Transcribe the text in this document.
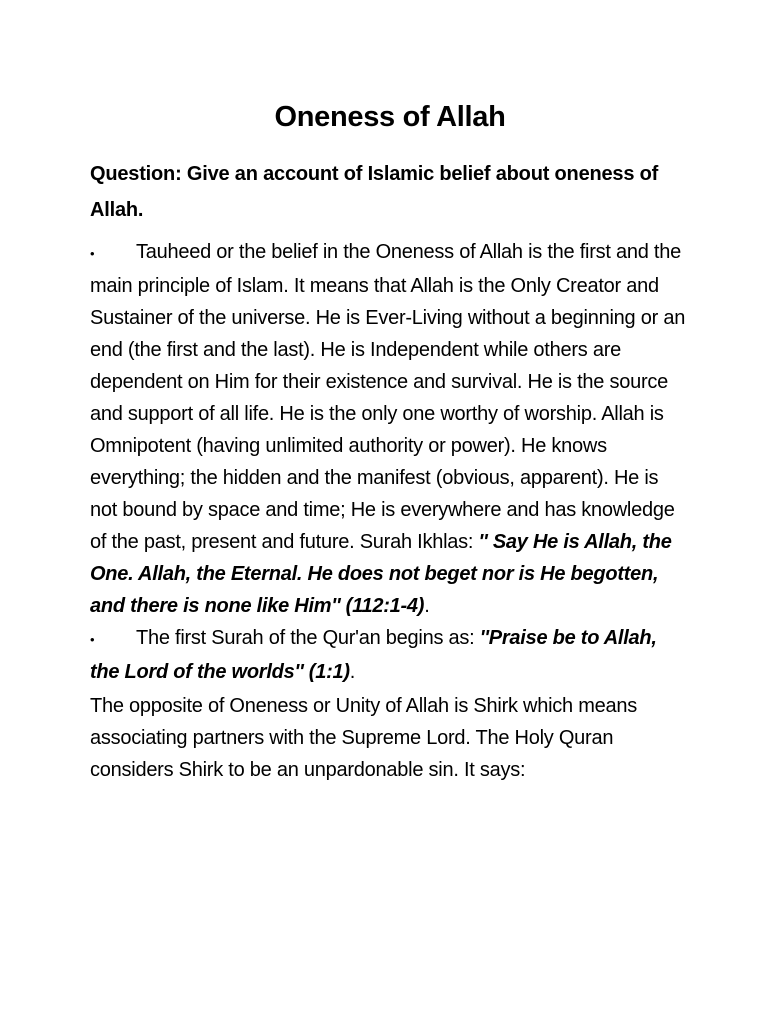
Oneness of Allah

Question: Give an account of Islamic belief about oneness of Allah.

• Tauheed or the belief in the Oneness of Allah is the first and the main principle of Islam. It means that Allah is the Only Creator and Sustainer of the universe. He is Ever-Living without a beginning or an end (the first and the last). He is Independent while others are dependent on Him for their existence and survival. He is the source and support of all life. He is the only one worthy of worship. Allah is Omnipotent (having unlimited authority or power). He knows everything; the hidden and the manifest (obvious, apparent). He is not bound by space and time; He is everywhere and has knowledge of the past, present and future. Surah Ikhlas: '' Say He is Allah, the One. Allah, the Eternal. He does not beget nor is He begotten, and there is none like Him'' (112:1-4).

• The first Surah of the Qur'an begins as: ''Praise be to Allah, the Lord of the worlds'' (1:1).

The opposite of Oneness or Unity of Allah is Shirk which means associating partners with the Supreme Lord. The Holy Quran considers Shirk to be an unpardonable sin. It says:
